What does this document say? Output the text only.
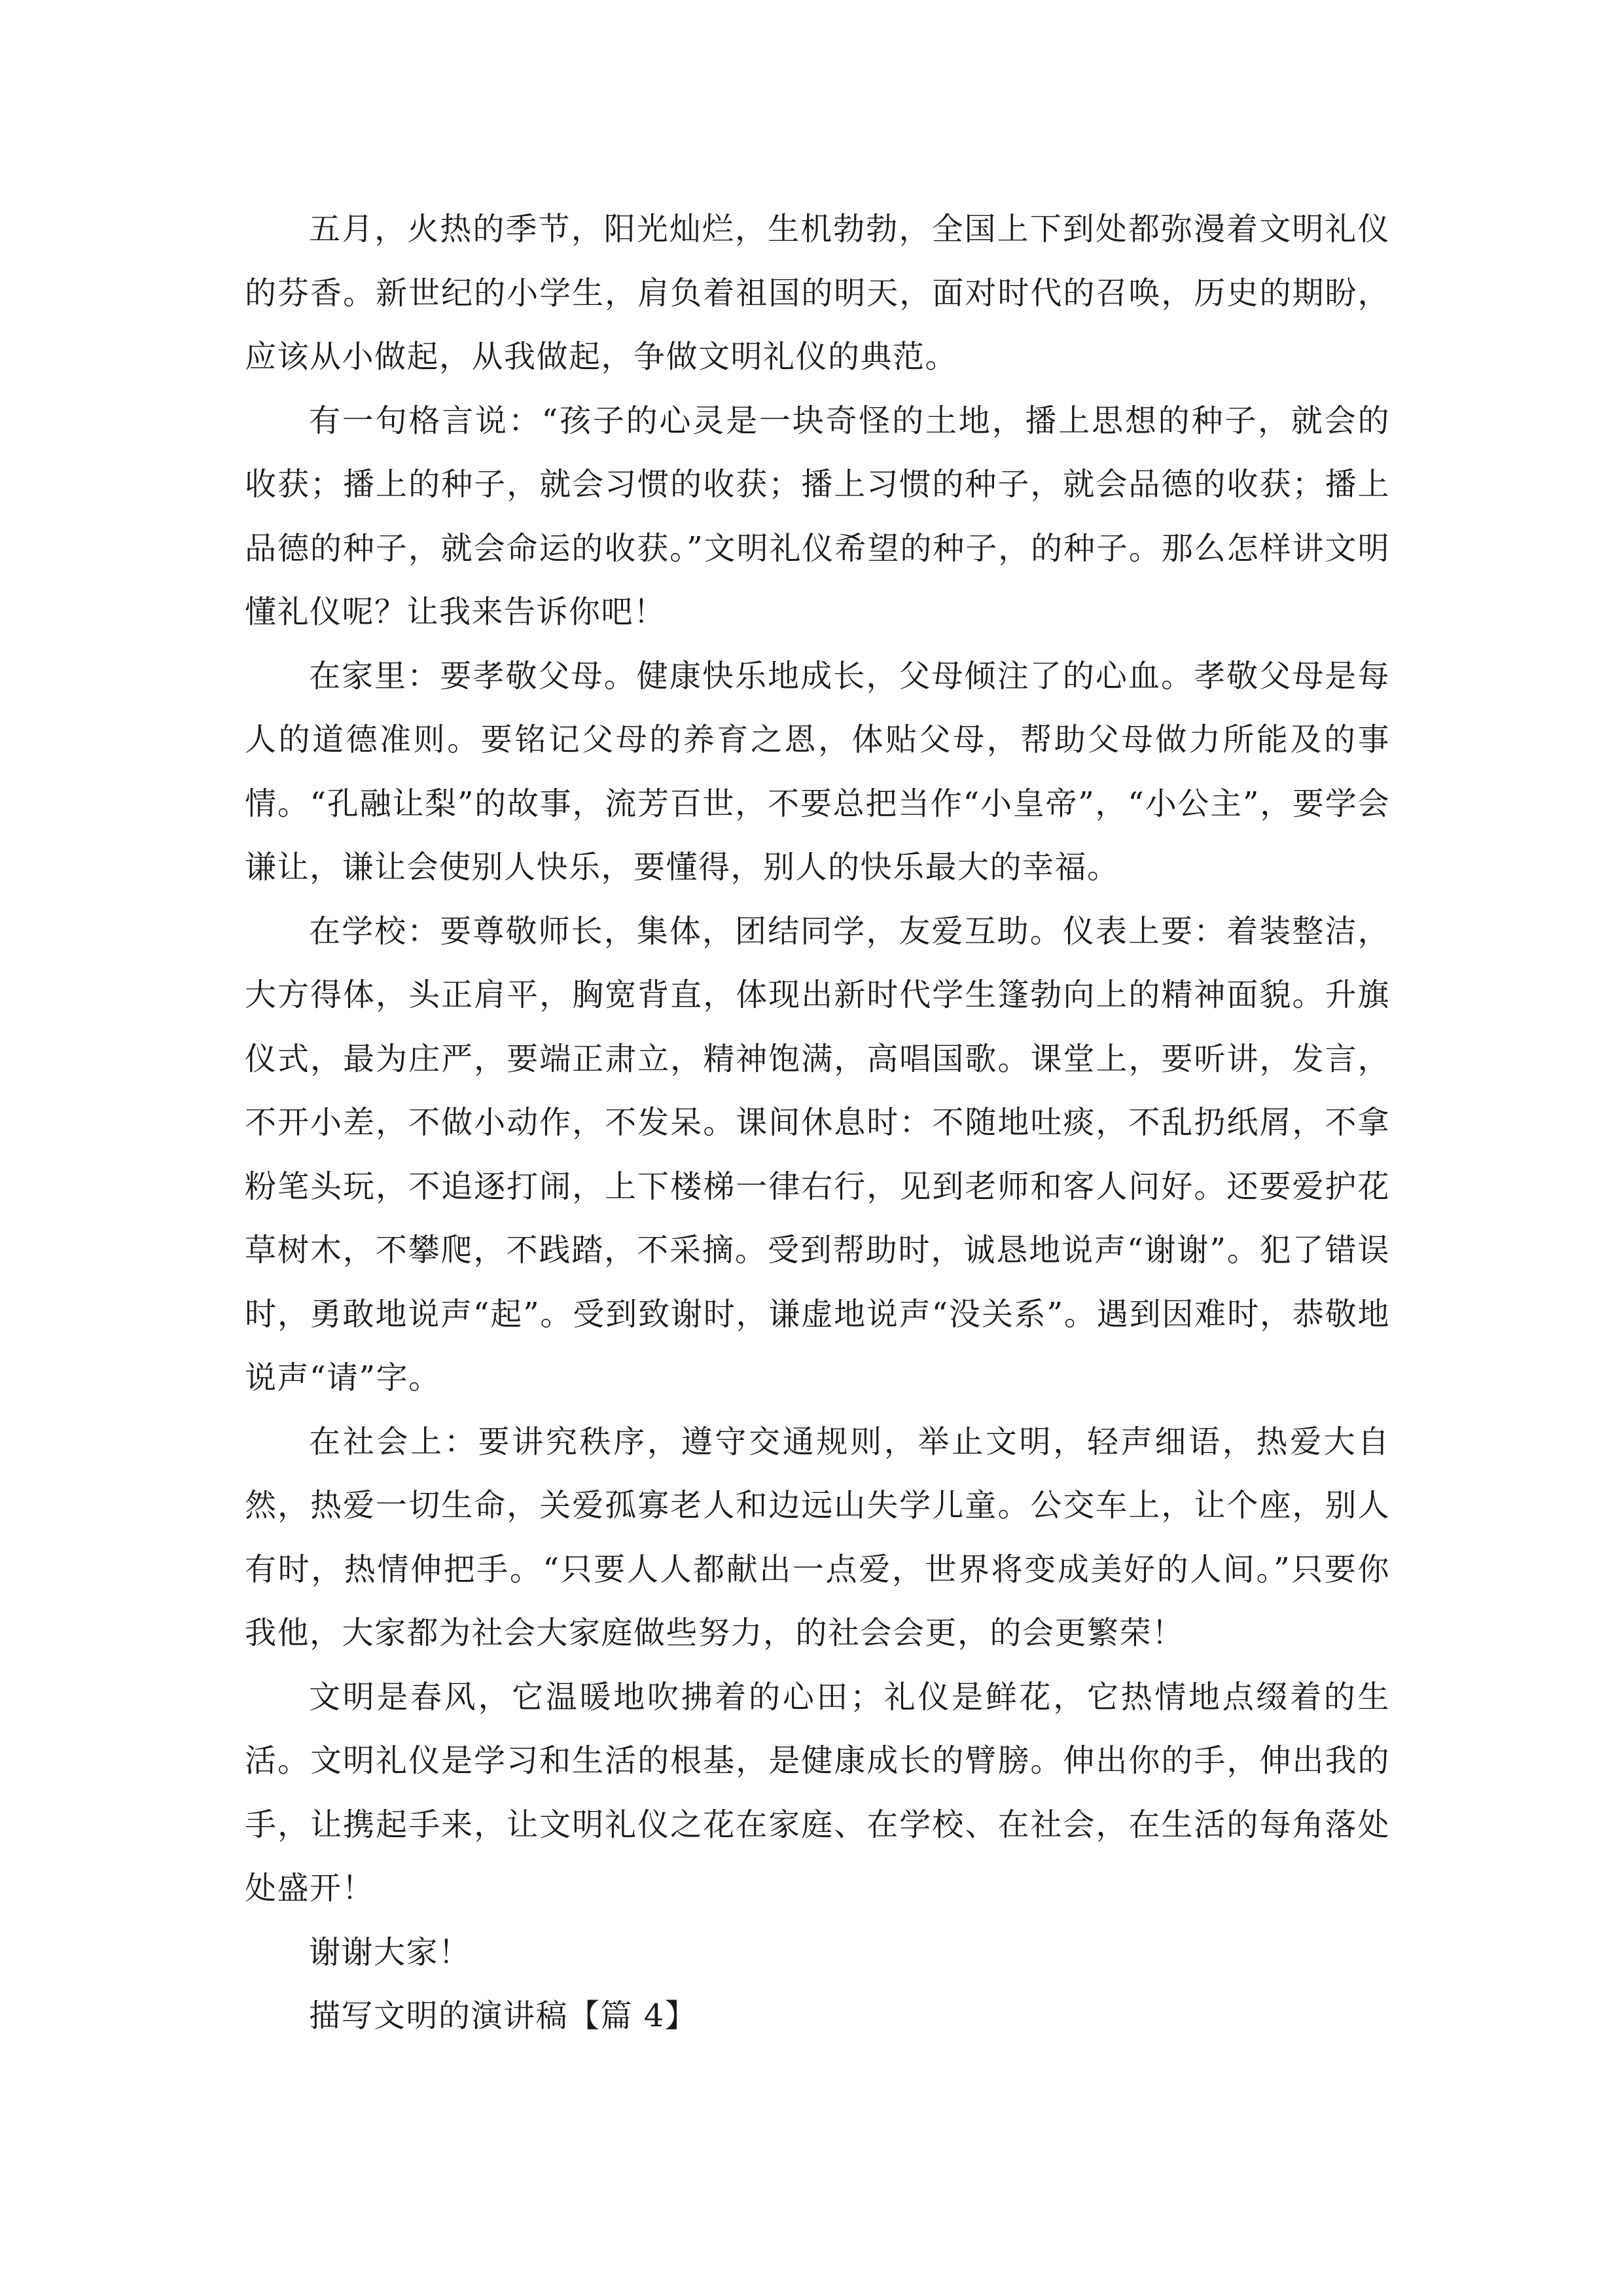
五月，火热的季节，阳光灿烂，生机勃勃，全国上下到处都弥漫着文明礼仪的芬香。新世纪的小学生，肩负着祖国的明天，面对时代的召唤，历史的期盼，应该从小做起，从我做起，争做文明礼仪的典范。

有一句格言说：“孩子的心灵是一块奇怪的土地，播上思想的种子，就会的收获；播上的种子，就会习惯的收获；播上习惯的种子，就会品德的收获；播上品德的种子，就会命运的收获。”文明礼仪希望的种子，的种子。那么怎样讲文明懂礼仪呢？让我来告诉你吧！

在家里：要孝敬父母。健康快乐地成长，父母倾注了的心血。孝敬父母是每人的道德准则。要铭记父母的养育之恩，体贴父母，帮助父母做力所能及的事情。“孔融让梨”的故事，流芳百世，不要总把当作“小皇帝”，“小公主”，要学会谦让，谦让会使别人快乐，要懂得，别人的快乐最大的幸福。

在学校：要尊敬师长，集体，团结同学，友爱互助。仪表上要：着装整洁，大方得体，头正肩平，胸宽背直，体现出新时代学生篷勃向上的精神面貌。升旗仪式，最为庄严，要端正肃立，精神饱满，高唱国歌。课堂上，要听讲，发言，不开小差，不做小动作，不发呆。课间休息时：不随地吐痰，不乱扔纸屑，不拿粉笔头玩，不追逐打闹，上下楼梯一律右行，见到老师和客人问好。还要爱护花草树木，不攀爬，不践踏，不采摘。受到帮助时，诚恳地说声“谢谢”。犯了错误时，勇敢地说声“起”。受到致谢时，谦虚地说声“没关系”。遇到因难时，恭敬地说声“请”字。

在社会上：要讲究秩序，遵守交通规则，举止文明，轻声细语，热爱大自然，热爱一切生命，关爱孤寡老人和边远山失学儿童。公交车上，让个座，别人有时，热情伸把手。“只要人人都献出一点爱，世界将变成美好的人间。”只要你我他，大家都为社会大家庭做些努力，的社会会更，的会更繁荣！

文明是春风，它温暖地吹拂着的心田；礼仪是鲜花，它热情地点缀着的生活。文明礼仪是学习和生活的根基，是健康成长的臂膀。伸出你的手，伸出我的手，让携起手来，让文明礼仪之花在家庭、在学校、在社会，在生活的每角落处处盛开！

谢谢大家！

描写文明的演讲稿【篇 4】
